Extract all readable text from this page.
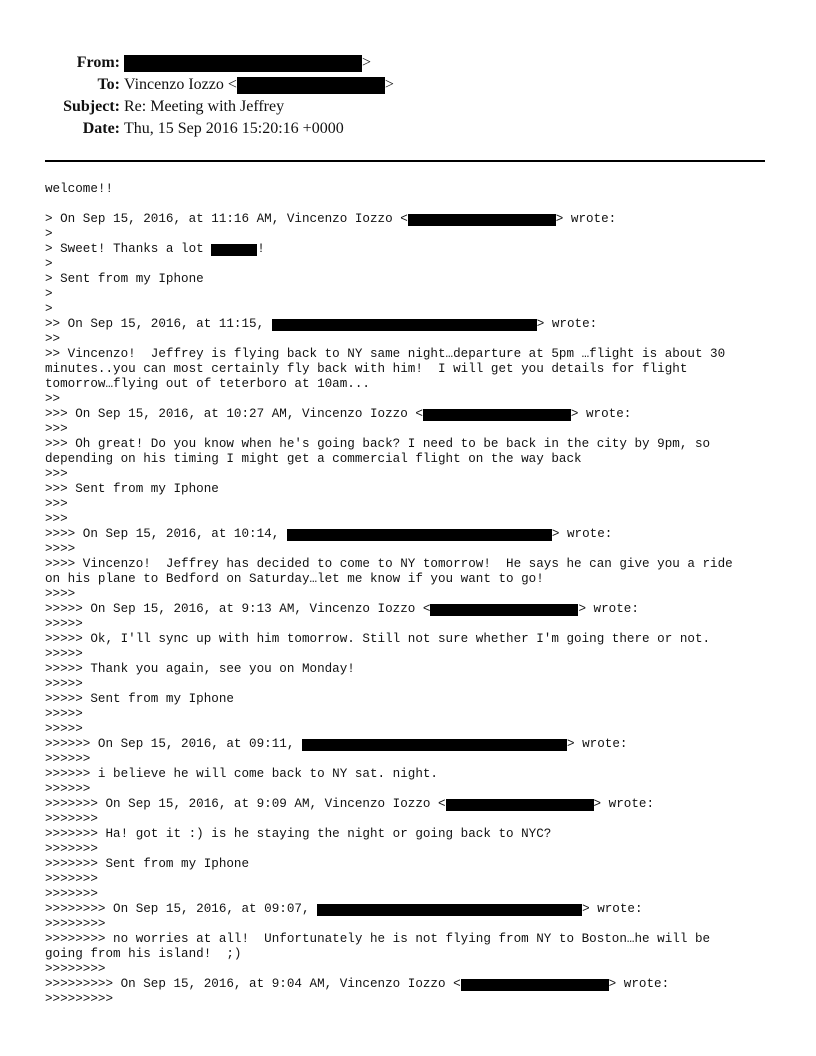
From:	>
To: Vincenzo Iozzo <	>
Subject: Re: Meeting with Jeffrey
Date: Thu, 15 Sep 2016 15:20:16 +0000
welcome!!
> On Sep 15, 2016, at 11:16 AM, Vincenzo Iozzo <	> wrote:
>
> Sweet! Thanks a lot	!
>
> Sent from my Iphone
>
>
>> On Sep 15, 2016, at 11:15,	> wrote:
>>
>> Vincenzo!  Jeffrey is flying back to NY same night…departure at 5pm …flight is about 30
minutes..you can most certainly fly back with him!  I will get you details for flight
tomorrow…flying out of teterboro at 10am...
>>
>>> On Sep 15, 2016, at 10:27 AM, Vincenzo Iozzo <	> wrote:
>>>
>>> Oh great! Do you know when he's going back? I need to be back in the city by 9pm, so
depending on his timing I might get a commercial flight on the way back
>>>
>>> Sent from my Iphone
>>>
>>>
>>>> On Sep 15, 2016, at 10:14,	> wrote:
>>>>
>>>> Vincenzo!  Jeffrey has decided to come to NY tomorrow!  He says he can give you a ride
on his plane to Bedford on Saturday…let me know if you want to go!
>>>>
>>>>> On Sep 15, 2016, at 9:13 AM, Vincenzo Iozzo <	> wrote:
>>>>>
>>>>> Ok, I'll sync up with him tomorrow. Still not sure whether I'm going there or not.
>>>>>
>>>>> Thank you again, see you on Monday!
>>>>>
>>>>> Sent from my Iphone
>>>>>
>>>>>
>>>>>> On Sep 15, 2016, at 09:11,	> wrote:
>>>>>>
>>>>>> i believe he will come back to NY sat. night.
>>>>>>
>>>>>>> On Sep 15, 2016, at 9:09 AM, Vincenzo Iozzo <	> wrote:
>>>>>>>
>>>>>>> Ha! got it :) is he staying the night or going back to NYC?
>>>>>>>
>>>>>>> Sent from my Iphone
>>>>>>>
>>>>>>>
>>>>>>>> On Sep 15, 2016, at 09:07,	> wrote:
>>>>>>>>
>>>>>>>> no worries at all!  Unfortunately he is not flying from NY to Boston…he will be
going from his island!  ;)
>>>>>>>>
>>>>>>>>> On Sep 15, 2016, at 9:04 AM, Vincenzo Iozzo <	> wrote:
>>>>>>>>>
